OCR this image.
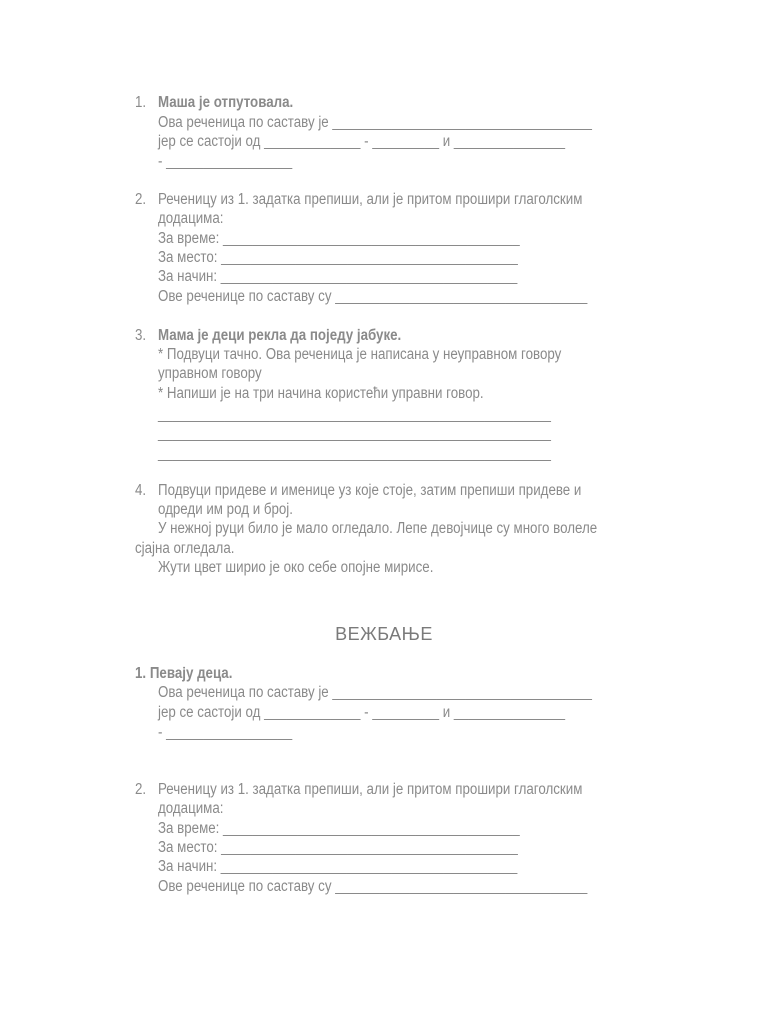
1. Маша је отпутовала.
Ова реченица по саставу је ___________________________________
јер се састоји од _____________ - _________ и _______________
- _________________
2. Реченицу из 1. задатка препиши, али је притом прошири глаголским
додацима:
За време: ________________________________________
За место: ________________________________________
За начин: ________________________________________
Ове реченице по саставу су __________________________________
3. Мама је деци рекла да поједу јабуке.
* Подвуци тачно. Ова реченица је написана у неуправном говору
управном говору
* Напиши је на три начина користећи управни говор.
_____________________________________________________
_____________________________________________________
_____________________________________________________
4. Подвуци придеве и именице уз које стоје, затим препиши придеве и
одреди им род и број.
У нежној руци било је мало огледало. Лепе девојчице су много волеле
сјајна огледала.
Жути цвет ширио је око себе опојне мирисе.
ВЕЖБАЊЕ
1. Певају деца.
Ова реченица по саставу је ___________________________________
јер се састоји од _____________ - _________ и _______________
- _________________
2. Реченицу из 1. задатка препиши, али је притом прошири глаголским
додацима:
За време: ________________________________________
За место: ________________________________________
За начин: ________________________________________
Ове реченице по саставу су __________________________________
